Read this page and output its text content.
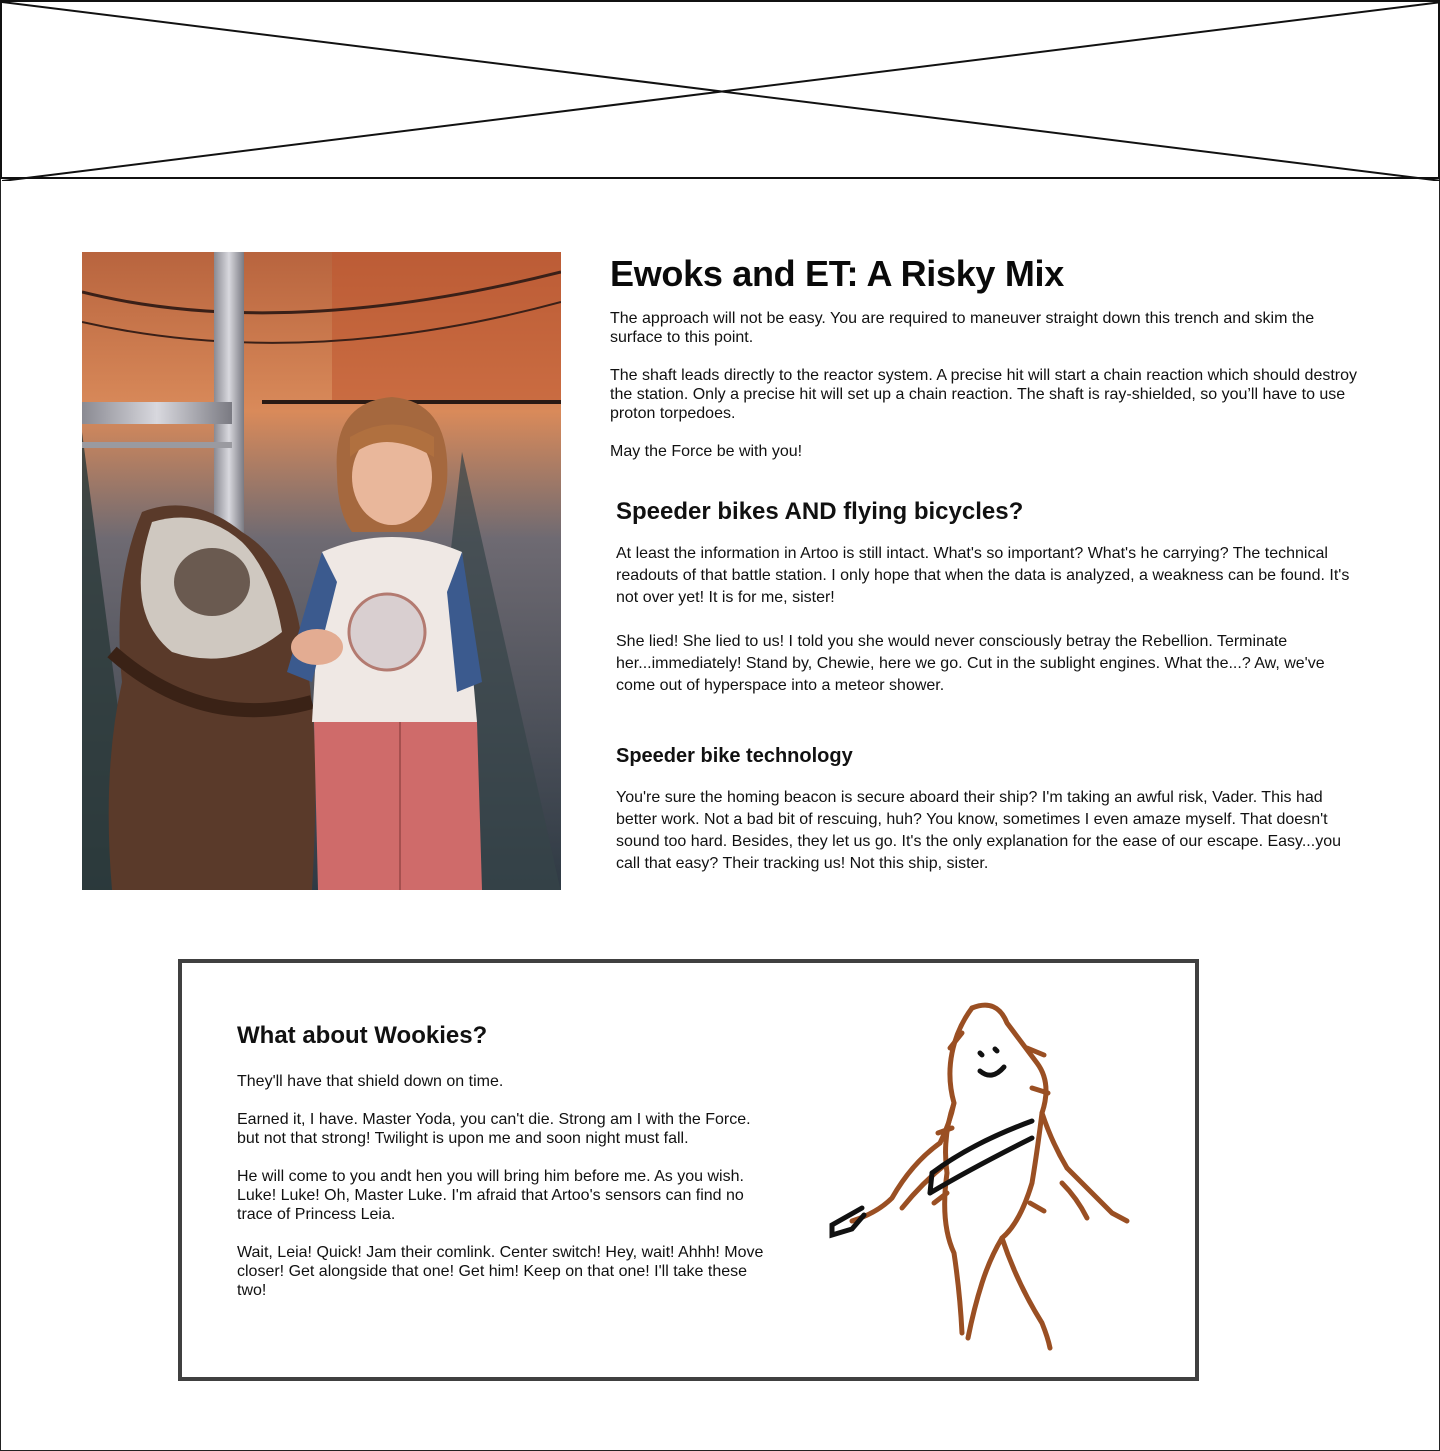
Ewoks and ET: A Risky Mix

The approach will not be easy. You are required to maneuver straight down this trench and skim the surface to this point.

The shaft leads directly to the reactor system. A precise hit will start a chain reaction which should destroy the station. Only a precise hit will set up a chain reaction. The shaft is ray-shielded, so you’ll have to use proton torpedoes.

May the Force be with you!

Speeder bikes AND flying bicycles?

At least the information in Artoo is still intact. What's so important? What's he carrying? The technical readouts of that battle station. I only hope that when the data is analyzed, a weakness can be found. It's not over yet! It is for me, sister!

She lied! She lied to us! I told you she would never consciously betray the Rebellion. Terminate her...immediately! Stand by, Chewie, here we go. Cut in the sublight engines. What the...? Aw, we've come out of hyperspace into a meteor shower.

Speeder bike technology

You're sure the homing beacon is secure aboard their ship? I'm taking an awful risk, Vader. This had better work. Not a bad bit of rescuing, huh? You know, sometimes I even amaze myself. That doesn't sound too hard. Besides, they let us go. It's the only explanation for the ease of our escape. Easy...you call that easy? Their tracking us! Not this ship, sister.

What about Wookies?

They'll have that shield down on time.

Earned it, I have. Master Yoda, you can't die. Strong am I with the Force. but not that strong! Twilight is upon me and soon night must fall.

He will come to you andt hen you will bring him before me. As you wish. Luke! Luke! Oh, Master Luke. I'm afraid that Artoo's sensors can find no trace of Princess Leia.

Wait, Leia! Quick! Jam their comlink. Center switch! Hey, wait! Ahhh! Move closer! Get alongside that one! Get him! Keep on that one! I'll take these two!
